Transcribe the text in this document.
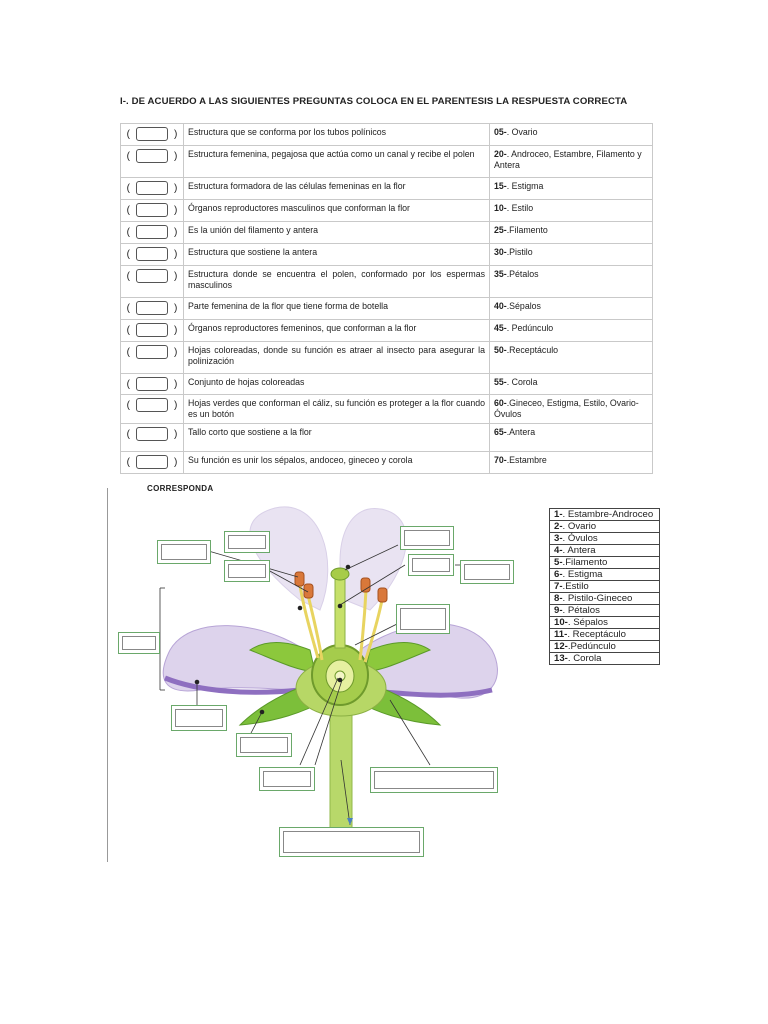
I-. DE ACUERDO A LAS SIGUIENTES PREGUNTAS COLOCA EN EL PARENTESIS LA RESPUESTA CORRECTA
( )	Estructura que se conforma por los tubos polínicos	05-. Ovario

( )	Estructura femenina, pegajosa que actúa como un canal y recibe el polen	20-. Androceo, Estambre, Filamento y Antera

( )	Estructura formadora de las células femeninas en la flor	15-. Estigma

( )	Órganos reproductores masculinos que conforman la flor	10-. Estilo

( )	Es la unión del filamento y antera	25-.Filamento

( )	Estructura que sostiene la antera	30-.Pistilo

( )	Estructura donde se encuentra el polen, conformado por los espermas masculinos	35-.Pétalos

( )	Parte femenina de la flor que tiene forma de botella	40-.Sépalos

( )	Órganos reproductores femeninos, que conforman a la flor	45-. Pedúnculo

( )	Hojas coloreadas, donde su función es atraer al insecto para asegurar la polinización	50-.Receptáculo

( )	Conjunto de hojas coloreadas	55-. Corola

( )	Hojas verdes que conforman el cáliz, su función es proteger a la flor cuando es un botón	60-.Gineceo, Estigma, Estilo, Ovario-Óvulos

( )	Tallo corto que sostiene a la flor	65-.Antera

( )	Su función es unir los sépalos, andoceo, gineceo y corola	70-.Estambre
CORRESPONDA
1-. Estambre-Androceo
2-. Ovario
3-. Óvulos
4-. Antera
5-.Filamento
6-. Estigma
7-.Estilo
8-. Pistilo-Gineceo
9-. Pétalos
10-. Sépalos
11-. Receptáculo
12-.Pedúnculo
13-. Corola
